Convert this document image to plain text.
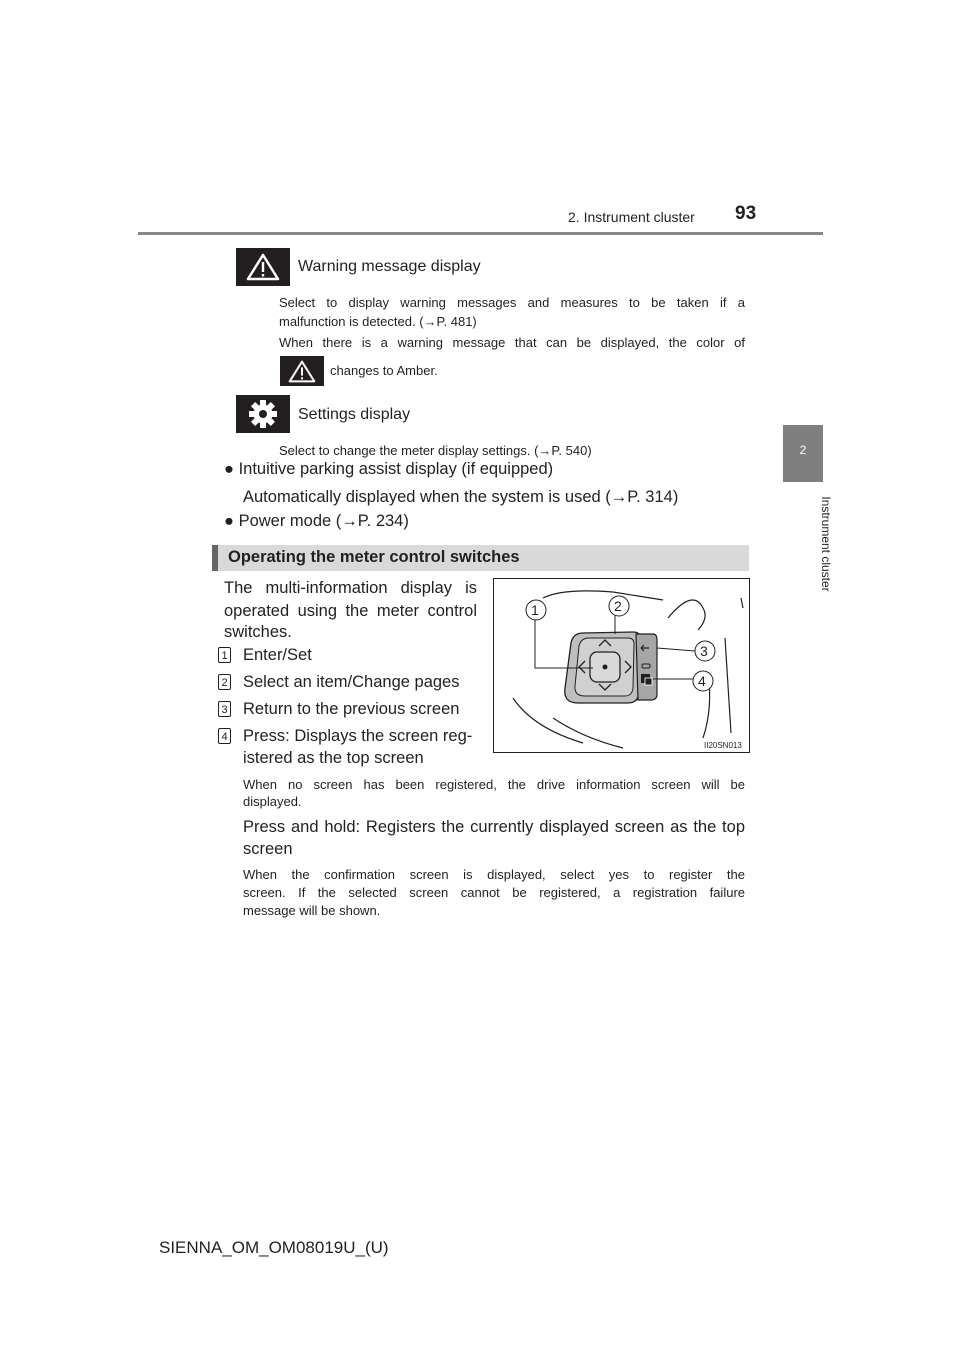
2. Instrument cluster 93
2
Instrument cluster
Warning message display
Select to display warning messages and measures to be taken if a
malfunction is detected. (→P. 481)
When there is a warning message that can be displayed, the color of
changes to Amber.
Settings display
Select to change the meter display settings. (→P. 540)
● Intuitive parking assist display (if equipped)
Automatically displayed when the system is used (→P. 314)
● Power mode (→P. 234)
Operating the meter control switches
The multi-information display is
operated using the meter control
switches.
1 Enter/Set
2 Select an item/Change pages
3 Return to the previous screen
4 Press: Displays the screen reg-
istered as the top screen
When no screen has been registered, the drive information screen will be
displayed.
Press and hold: Registers the currently displayed screen as the top
screen
When the confirmation screen is displayed, select yes to register the
screen. If the selected screen cannot be registered, a registration failure
message will be shown.
1	2
3
4
II20SN013
SIENNA_OM_OM08019U_(U)
